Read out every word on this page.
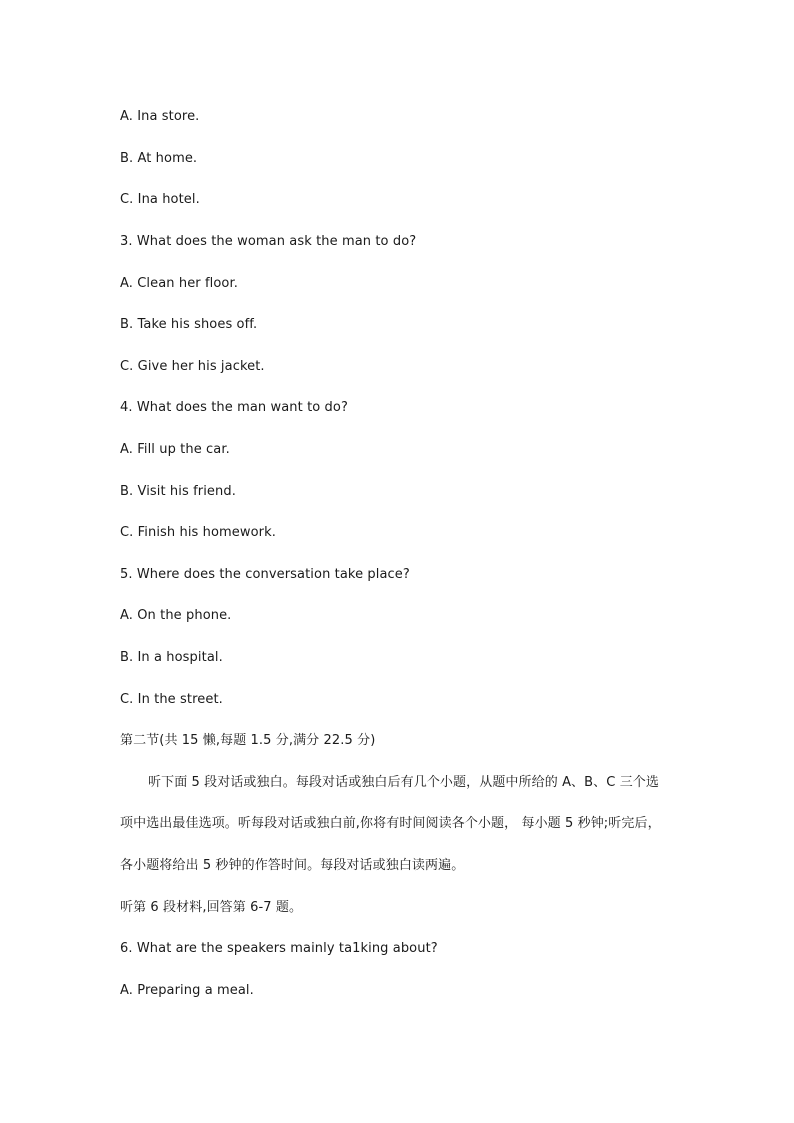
A. Ina store.
B. At home.
C. Ina hotel.
3. What does the woman ask the man to do?
A. Clean her floor.
B. Take his shoes off.
C. Give her his jacket.
4. What does the man want to do?
A. Fill up the car.
B. Visit his friend.
C. Finish his homework.
5. Where does the conversation take place?
A. On the phone.
B. In a hospital.
C. In the street.
第二节(共 15 懒,每题 1.5 分,满分 22.5 分)
听下面 5 段对话或独白。每段对话或独白后有几个小题，从题中所给的 A、B、C 三个选
项中选出最佳选项。听每段对话或独白前,你将有时间阅读各个小题， 每小题 5 秒钟;听完后，
各小题将给出 5 秒钟的作答时间。每段对话或独白读两遍。
听第 6 段材料,回答第 6-7 题。
6. What are the speakers mainly ta1king about?
A. Preparing a meal.
